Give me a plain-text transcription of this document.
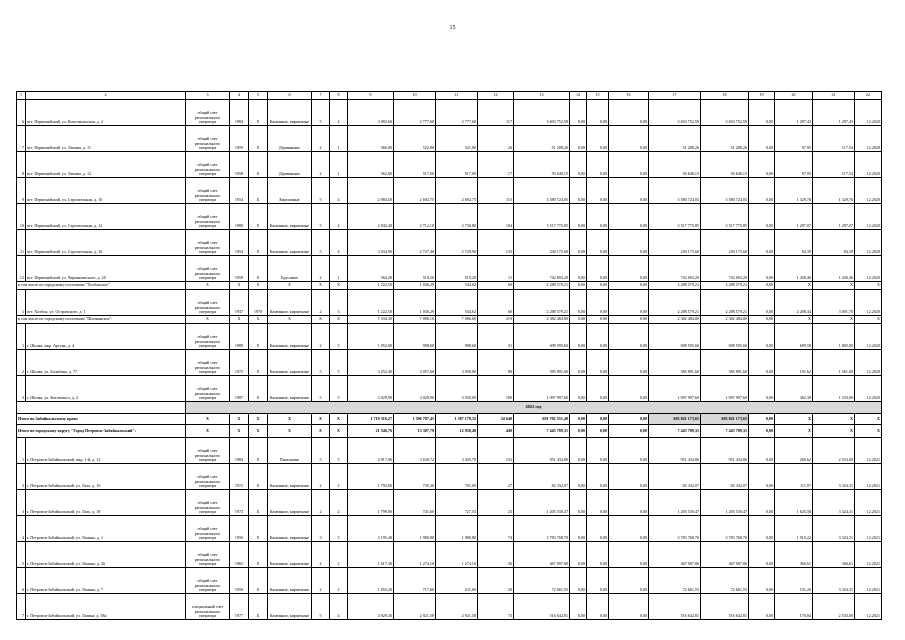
15
1	2	3	4	5	6	7	8	9	10	11	12	13	14	15	16	17	18	19	20	21	22
6	пгт. Первомайский, ул. Комсомольская, д. 2	общий счет регионального оператора	1984	X	Каменные, кирпичные	5	4	3 982,60	2 777,60	2 777,60	117	3 603 752,59	0,00	0,00	0,00	3 603 752,59	3 603 752,59	0,00	1 297,43	1 297,43	12.2020
7	пгт. Первомайский, ул. Ленина, д. 11	общий счет регионального оператора	1959	X	Деревянные	2	1	566,00	522,80	521,00	26	51 208,26	0,00	0,00	0,00	51 208,26	51 208,26	0,00	97,95	117,54	12.2020
8	пгт. Первомайский, ул. Ленина, д. 12	общий счет регионального оператора	1958	X	Деревянные	2	1	562,00	517,00	517,00	17	50 640,15	0,00	0,00	0,00	50 640,15	50 640,15	0,00	97,95	117,54	12.2020
9	пгт. Первомайский, ул. Строительная, д. 10	общий счет регионального оператора	1954	X	Кирпичные	5	4	2 984,50	2 692,75	2 692,75	115	3 580 724,05	0,00	0,00	0,00	3 580 724,05	3 580 724,05	0,00	1 329,76	1 329,76	12.2020
10	пгт. Первомайский, ул. Строительная, д. 12	общий счет регионального оператора	1980	X	Каменные, кирпичные	5	4	2 842,40	2 712,10	2 730,80	104	3 517 775,85	0,00	0,00	0,00	3 517 775,85	3 517 775,85	0,00	1 297,07	1 297,07	12.2020
11	пгт. Первомайский, ул. Строительная, д. 16	общий счет регионального оператора	1954	X	Каменные, кирпичные	5	4	3 034,90	2 727,40	2 729,90	135	230 175,60	0,00	0,00	0,00	230 175,60	230 175,60	0,00	84,39	84,39	12.2020
12	пгт. Первомайский, ул. Чернышевского, д. 20	общий счет регионального оператора	1959	X	Брусовые	2	1	564,20	519,20	519,20	11	742 693,20	0,00	0,00	0,00	742 693,20	742 693,20	0,00	1 430,46	1 430,46	12.2020
в том числе по городскому поселению "Холбонское":		X	X	X	X	X	X	1 222,50	1 036,29	544,62	60	2 288 579,21	0,00	0,00	0,00	2 288 579,21	2 288 579,21	0,00	X	X	X
1	пгт. Холбон, ул. Островского, д. 1	общий счет регионального оператора	1937	1970	Каменные, кирпичные	2	3	1 222,50	1 036,29	544,62	60	2 288 579,21	0,00	0,00	0,00	2 288 579,21	2 288 579,21	0,00	2 208,44	3 001,70	12.2020
в том числе по городскому поселению "Шилкинское":		X	X	X	X	X	X	7 334,30	7 086,10	7 086,60	219	2 382 484,80	0,00	0,00	0,00	2 382 484,80	2 382 484,80	0,00	X	X	X
1	г. Шилка, мкр. Аргунь, д. 4	общий счет регионального оператора	1989	X	Каменные, кирпичные	2	3	1 052,00	998,60	998,60	31	698 595,60	0,00	0,00	0,00	698 595,60	698 595,60	0,00	699,58	1 805,00	12.2020
2	г. Шилка, ул. Балябина, д. 77	общий счет регионального оператора	1975	X	Каменные, кирпичные	5	5	3 252,40	3 057,60	3 058,00	88	585 891,60	0,00	0,00	0,00	585 891,60	585 891,60	0,00	191,62	1 561,00	12.2020
3	г. Шилка, ул. Котовского, д. 2	общий счет регионального оператора	1987	X	Каменные, кирпичные	5	5	3 029,90	3 029,90	3 030,00	100	1 097 997,60	0,00	0,00	0,00	1 097 997,60	1 097 997,60	0,00	362,39	1 333,00	12.2020
		2021 год																			
Итого по Забайкальскому краю:		X	X	X	X	X	X	1 719 316,27	1 396 787,45	1 387 178,32	54 640	691 702 551,49	0,00	0,00	0,00	683 021 173,65	683 021 173,65	0,00	X	X	X
Итого по городскому округу "Город Петровск-Забайкальский":		X	X	X	X	X	X	21 546,76	13 307,79	12 958,40	449	7 445 789,31	0,00	0,00	0,00	7 445 789,31	7 445 789,31	0,00	X	X	X
1	г. Петровск-Забайкальский, мкр. 1-й, д. 12	общий счет регионального оператора	1984	X	Панельные	5	5	4 917,96	3 630,72	3 435,70	152	951 434,80	0,00	0,00	0,00	951 434,80	951 434,80	0,00	260,62	2 533,00	12.2021
2	г. Петровск-Забайкальский, ул. Лазо, д. 16	общий счет регионального оператора	1972	X	Каменные, кирпичные	2	2	1 792,00	735,30	701,00	27	82 332,07	0,00	0,00	0,00	82 332,07	82 332,07	0,00	111,97	3 324,31	12.2021
3	г. Петровск-Забайкальский, ул. Лазо, д. 18	общий счет регионального оператора	1973	X	Каменные, кирпичные	2	2	1 799,00	741,60	727,53	23	1 205 530,47	0,00	0,00	0,00	1 205 530,47	1 205 530,47	0,00	1 625,58	3 324,31	12.2021
4	г. Петровск-Забайкальский, ул. Ленина, д. 1	общий счет регионального оператора	1956	X	Каменные, кирпичные	3	3	3 195,40	1 980,80	1 980,80	74	3 783 768,70	0,00	0,00	0,00	3 783 768,70	3 783 768,70	0,00	1 910,22	3 324,31	12.2021
5	г. Петровск-Забайкальский, ул. Ленина, д. 26	общий счет регионального оператора	1965	X	Каменные, кирпичные	4	2	1 617,30	1 274,10	1 274,10	36	467 097,80	0,00	0,00	0,00	467 097,80	467 097,80	0,00	366,61	366,61	12.2021
6	г. Петровск-Забайкальский, ул. Ленина, д. 7	общий счет регионального оператора	1950	X	Каменные, кирпичные	2	2	1 055,20	717,60	611,60	20	72 661,55	0,00	0,00	0,00	72 661,55	72 661,55	0,00	101,26	3 324,31	12.2021
7	г. Петровск-Забайкальский, ул. Лазина, д. 58а	специальный счет регионального оператора	1977	X	Каменные, кирпичные	5	4	4 929,30	2 921,58	2 921,58	73	516 642,81	0,00	0,00	0,00	516 642,81	516 642,81	0,00	176,84	2 533,00	12.2021
